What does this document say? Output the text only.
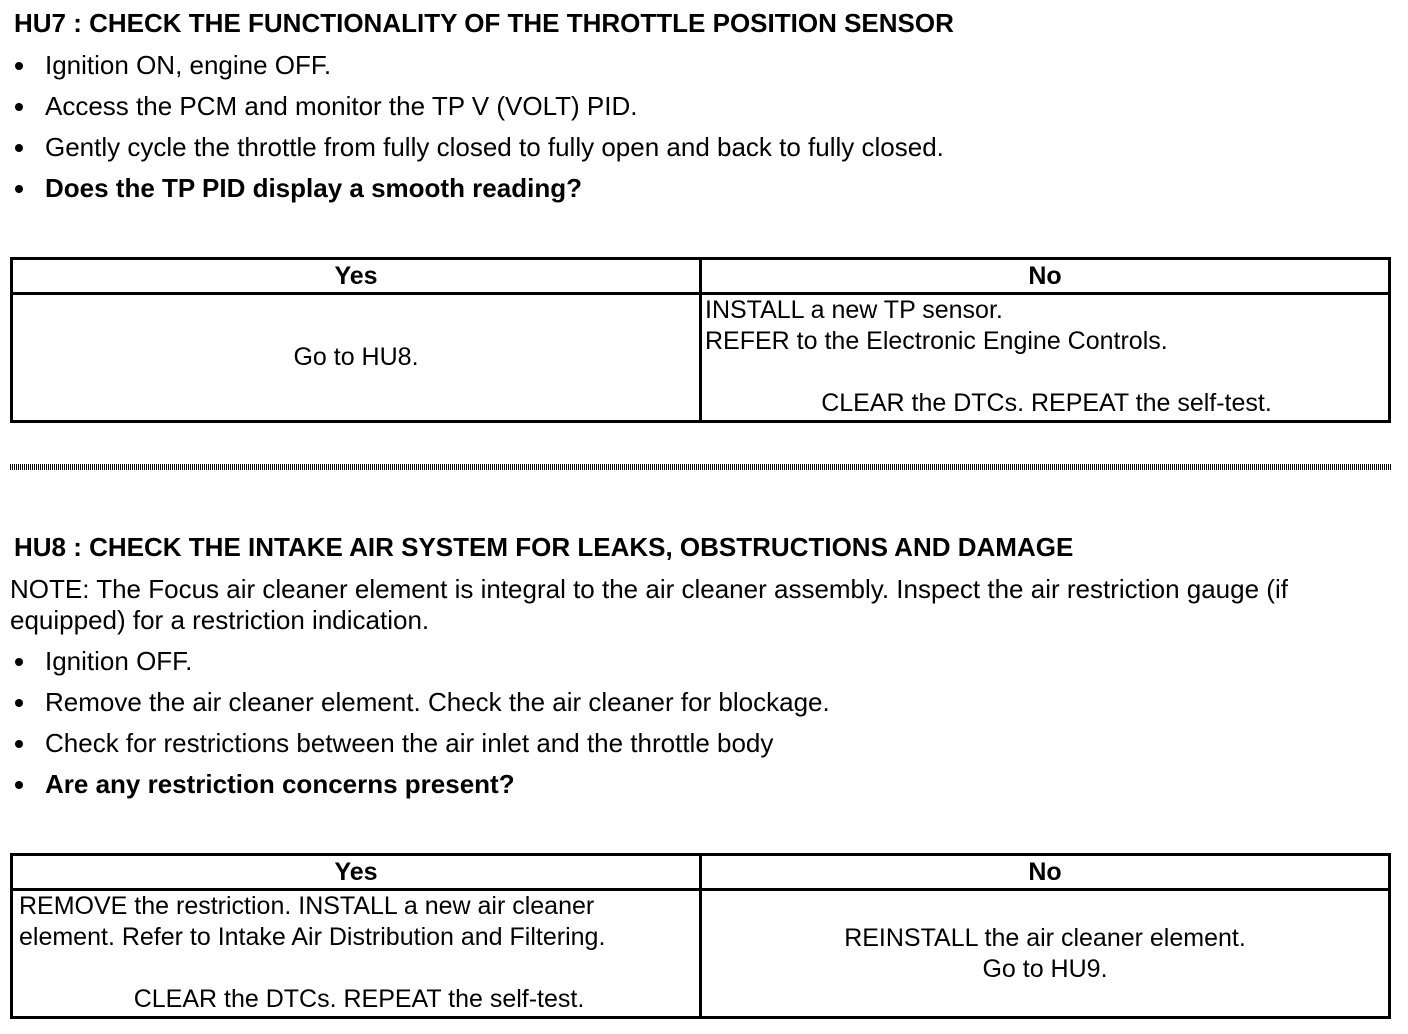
HU7 : CHECK THE FUNCTIONALITY OF THE THROTTLE POSITION SENSOR
Ignition ON, engine OFF.
Access the PCM and monitor the TP V (VOLT) PID.
Gently cycle the throttle from fully closed to fully open and back to fully closed.
Does the TP PID display a smooth reading?
Yes	No

Go to HU8.	INSTALL a new TP sensor.
REFER to the Electronic Engine Controls.
CLEAR the DTCs. REPEAT the self-test.
HU8 : CHECK THE INTAKE AIR SYSTEM FOR LEAKS, OBSTRUCTIONS AND DAMAGE
NOTE: The Focus air cleaner element is integral to the air cleaner assembly. Inspect the air restriction gauge (if equipped) for a restriction indication.
Ignition OFF.
Remove the air cleaner element. Check the air cleaner for blockage.
Check for restrictions between the air inlet and the throttle body
Are any restriction concerns present?
Yes	No

REMOVE the restriction. INSTALL a new air cleaner
element. Refer to Intake Air Distribution and Filtering.
CLEAR the DTCs. REPEAT the self-test.	REINSTALL the air cleaner element.
Go to HU9.
